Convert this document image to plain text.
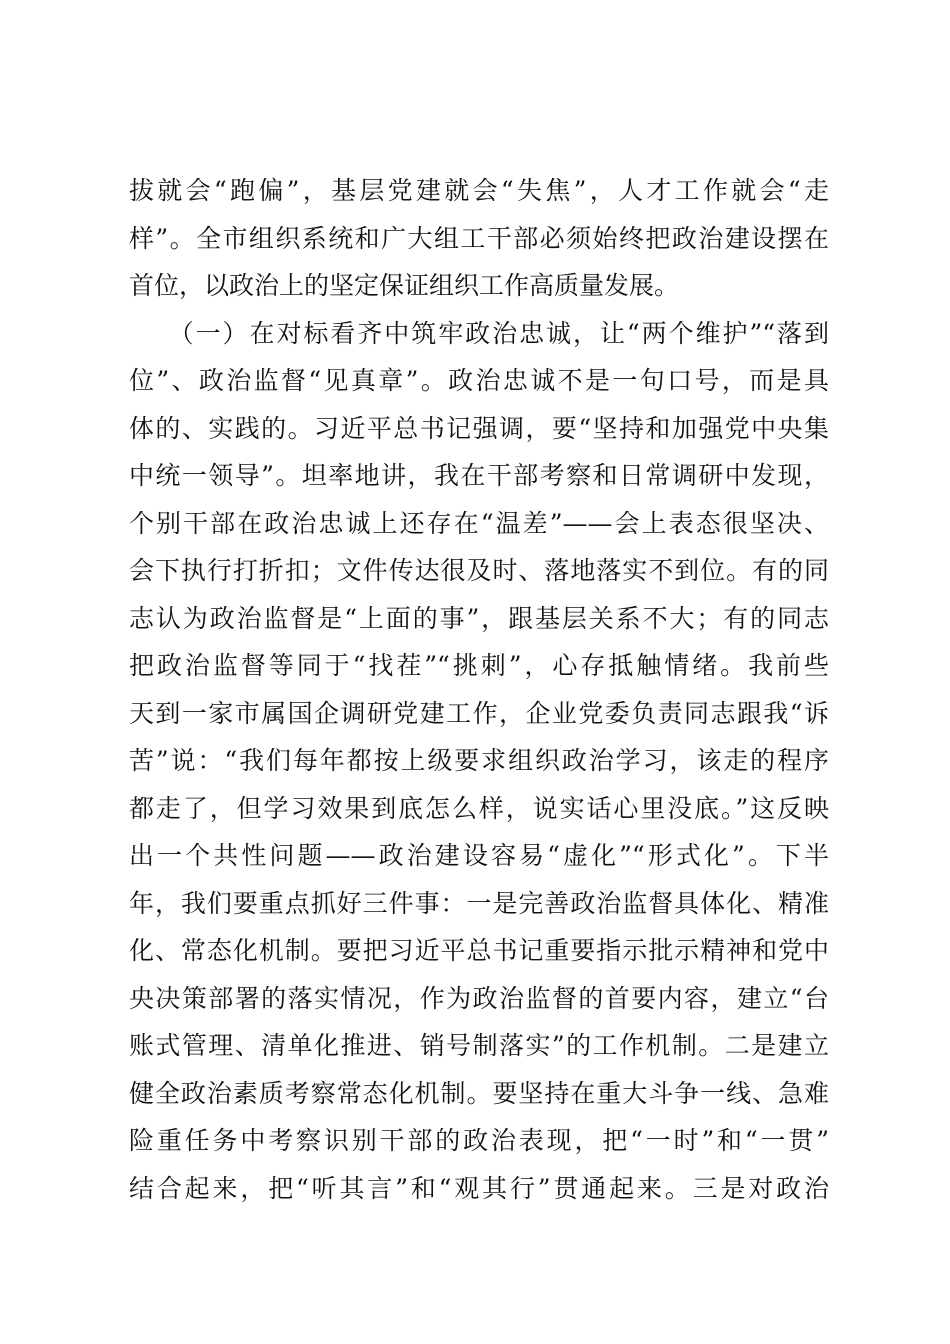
拔就会“跑偏”，基层党建就会“失焦”，人才工作就会“走
样”。全市组织系统和广大组工干部必须始终把政治建设摆在
首位，以政治上的坚定保证组织工作高质量发展。
（一）在对标看齐中筑牢政治忠诚，让“两个维护”“落到
位”、政治监督“见真章”。政治忠诚不是一句口号，而是具
体的、实践的。习近平总书记强调，要“坚持和加强党中央集
中统一领导”。坦率地讲，我在干部考察和日常调研中发现，
个别干部在政治忠诚上还存在“温差”——会上表态很坚决、
会下执行打折扣；文件传达很及时、落地落实不到位。有的同
志认为政治监督是“上面的事”，跟基层关系不大；有的同志
把政治监督等同于“找茬”“挑刺”，心存抵触情绪。我前些
天到一家市属国企调研党建工作，企业党委负责同志跟我“诉
苦”说：“我们每年都按上级要求组织政治学习，该走的程序
都走了，但学习效果到底怎么样，说实话心里没底。”这反映
出一个共性问题——政治建设容易“虚化”“形式化”。下半
年，我们要重点抓好三件事：一是完善政治监督具体化、精准
化、常态化机制。要把习近平总书记重要指示批示精神和党中
央决策部署的落实情况，作为政治监督的首要内容，建立“台
账式管理、清单化推进、销号制落实”的工作机制。二是建立
健全政治素质考察常态化机制。要坚持在重大斗争一线、急难
险重任务中考察识别干部的政治表现，把“一时”和“一贯”
结合起来，把“听其言”和“观其行”贯通起来。三是对政治
